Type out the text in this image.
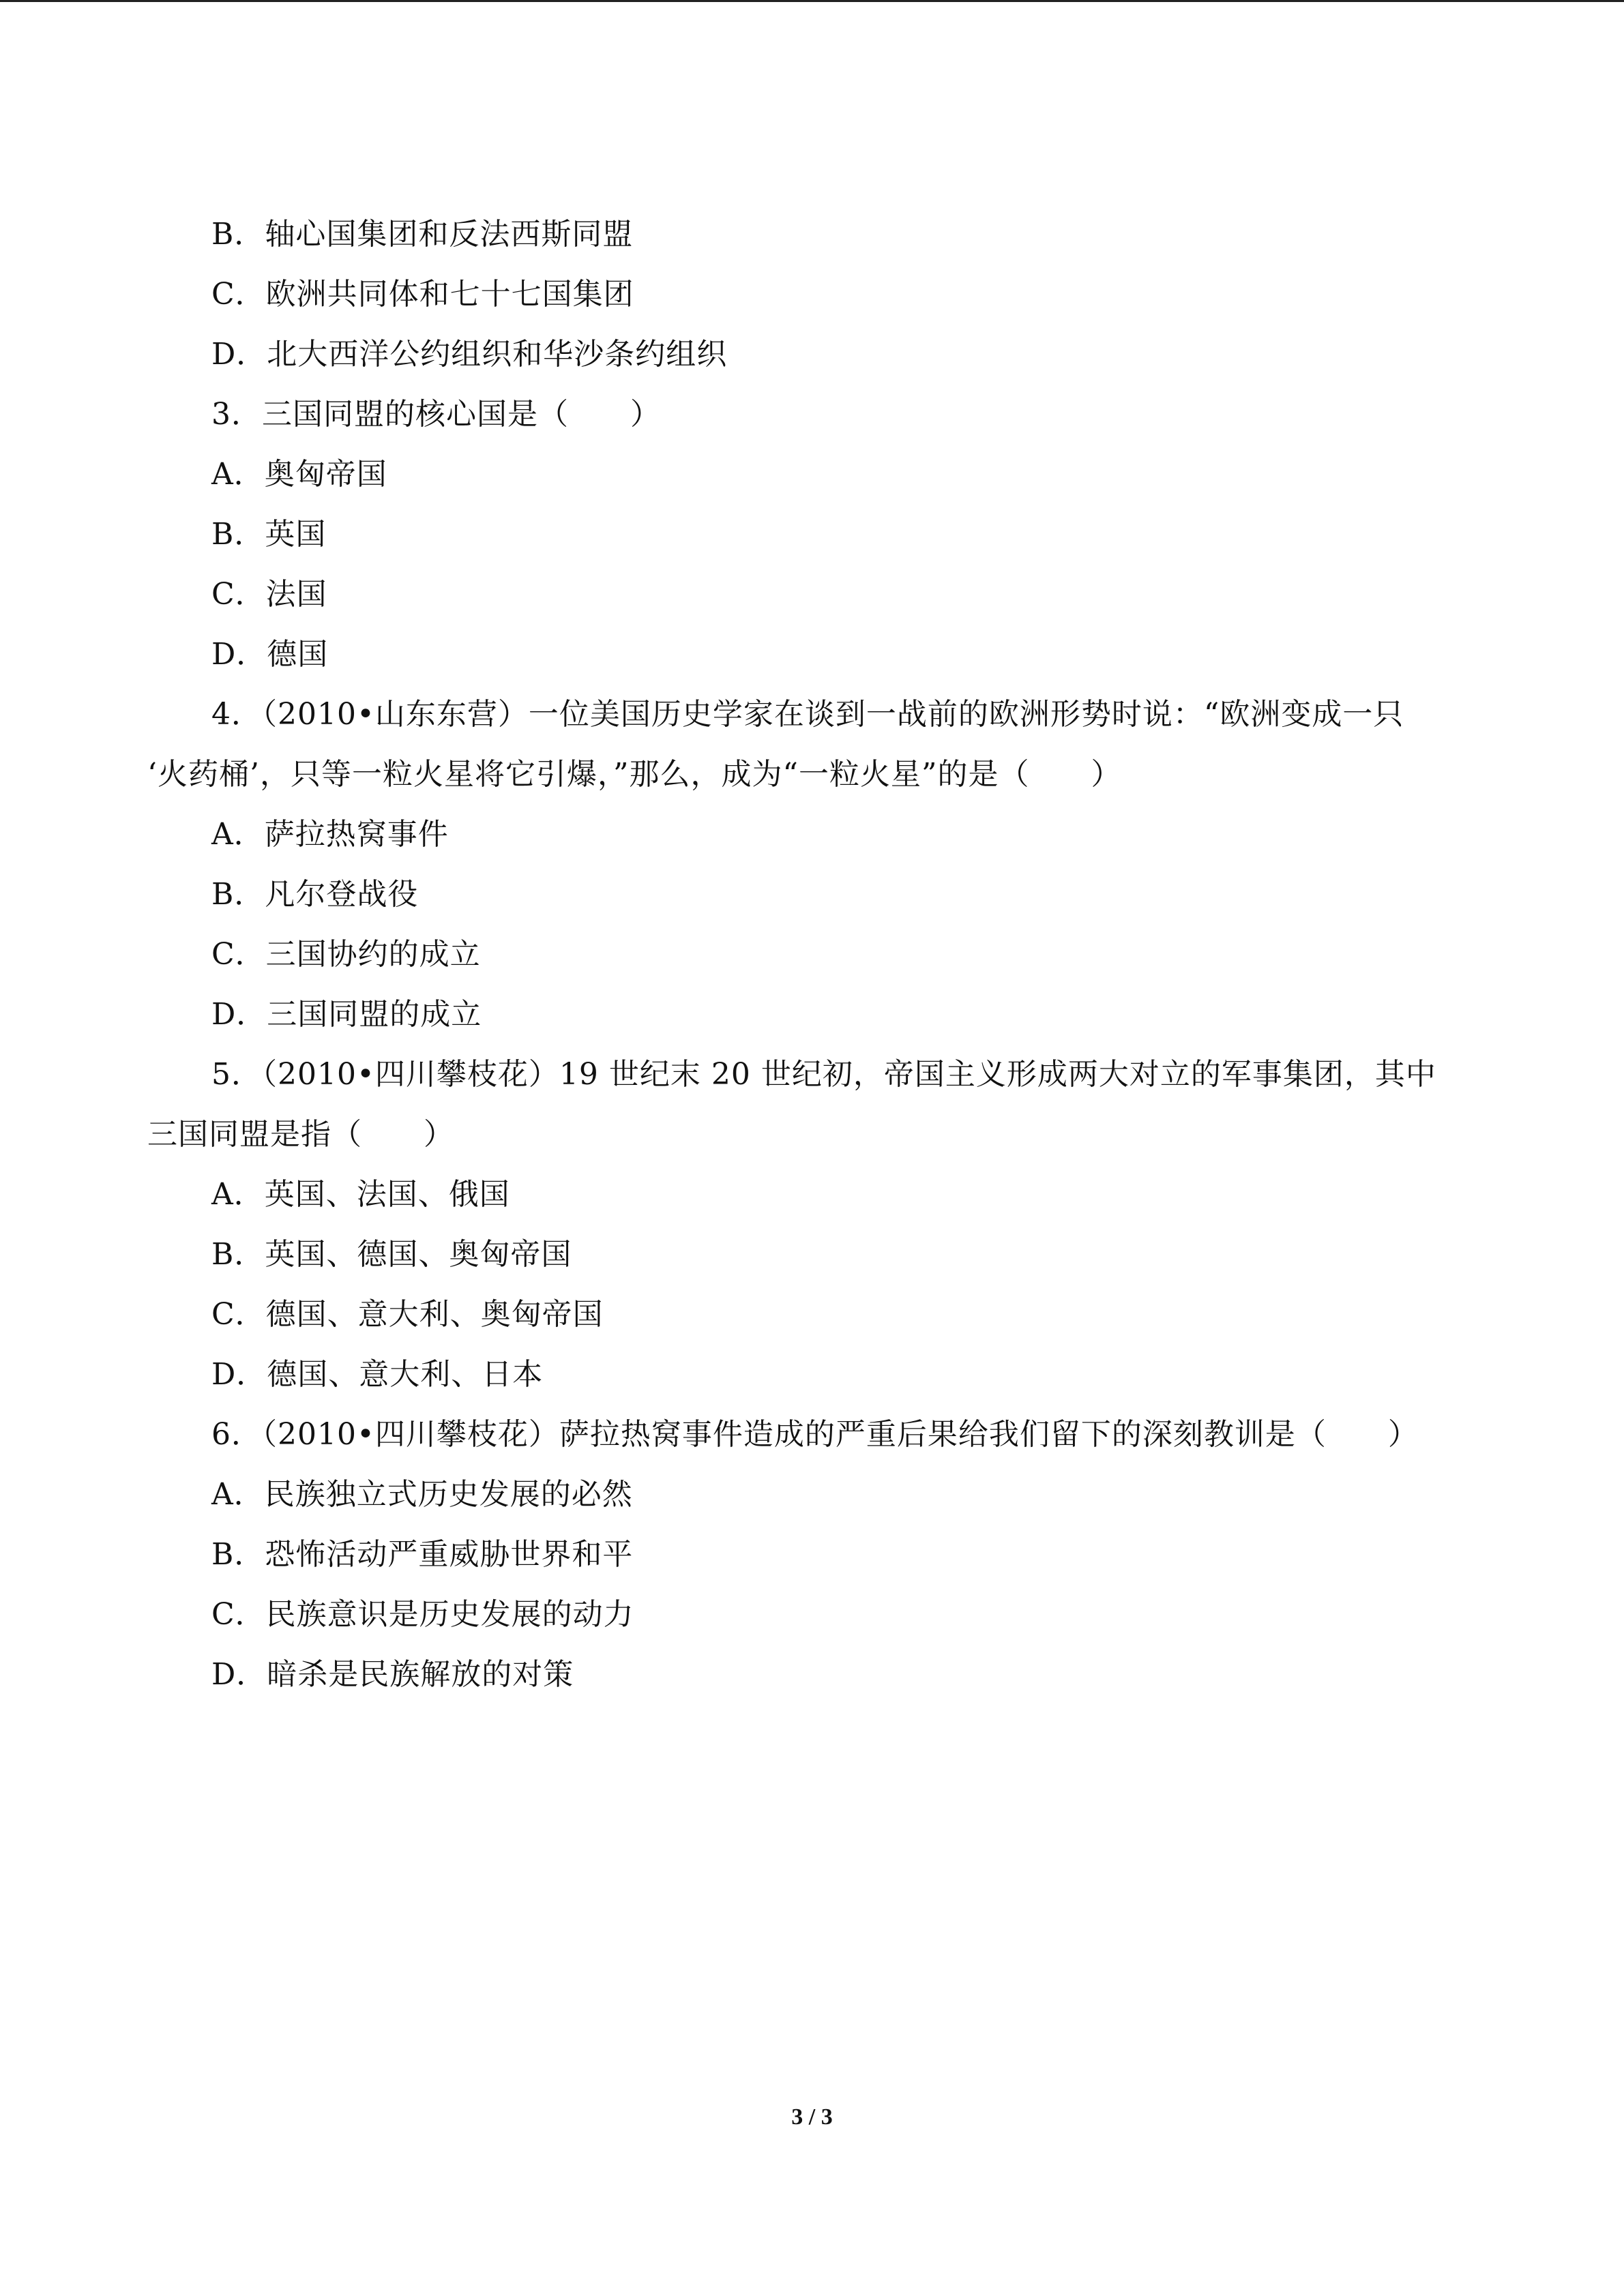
B．轴心国集团和反法西斯同盟
C．欧洲共同体和七十七国集团
D．北大西洋公约组织和华沙条约组织
3．三国同盟的核心国是（　　）
A．奥匈帝国
B．英国
C．法国
D．德国
4．（2010•山东东营）一位美国历史学家在谈到一战前的欧洲形势时说：“欧洲变成一只
‘火药桶’，只等一粒火星将它引爆，”那么，成为“一粒火星”的是（　　）
A．萨拉热窝事件
B．凡尔登战役
C．三国协约的成立
D．三国同盟的成立
5．（2010•四川攀枝花）19 世纪末 20 世纪初，帝国主义形成两大对立的军事集团，其中
三国同盟是指（　　）
A．英国、法国、俄国
B．英国、德国、奥匈帝国
C．德国、意大利、奥匈帝国
D．德国、意大利、日本
6．（2010•四川攀枝花）萨拉热窝事件造成的严重后果给我们留下的深刻教训是（　　）
A．民族独立式历史发展的必然
B．恐怖活动严重威胁世界和平
C．民族意识是历史发展的动力
D．暗杀是民族解放的对策
3 / 3
